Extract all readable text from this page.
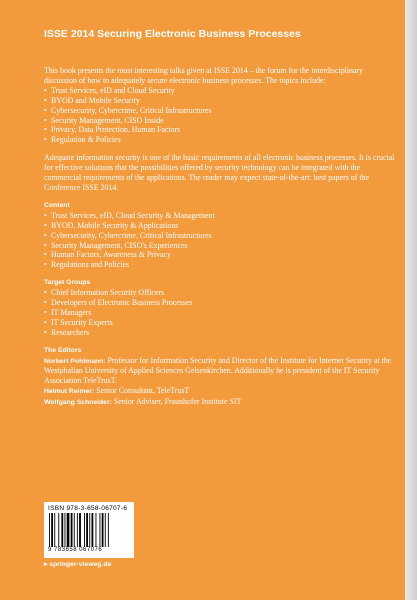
ISSE 2014 Securing Electronic Business Processes

This book presents the most interesting talks given at ISSE 2014 – the forum for the interdisciplinary discussion of how to adequately secure electronic business processes. The topics include:

• Trust Services, eID and Cloud Security
• BYOD and Mobile Security
• Cybersecurity, Cybercrime, Critical Infrastructures
• Security Management, CISO Inside
• Privacy, Data Protection, Human Factors
• Regulation & Policies

Adequate information security is one of the basic requirements of all electronic business processes. It is crucial for effective solutions that the possibilities offered by security technology can be integrated with the commercial requirements of the applications. The reader may expect state-of-the-art: best papers of the Conference ISSE 2014.

Content
• Trust Services, eID, Cloud Security & Management
• BYOD, Mobile Security & Applications
• Cybersecurity, Cybercrime, Critical Infrastructures
• Security Management, CISO's Experiences
• Human Factors, Awareness & Privacy
• Regulations and Policies
Target Groups
• Chief Information Security Officers
• Developers of Electronic Business Processes
• IT Managers
• IT Security Experts
• Researchers
The Editors

Norbert Pohlmann: Professor for Information Security and Director of the Institute for Internet Security at the Westphalian University of Applied Sciences Gelsenkirchen. Additionally he is president of the IT Security Association TeleTrusT.

Helmut Reimer: Senior Consultant, TeleTrusT

Wolfgang Schneider: Senior Adviser, Fraunhofer Institute SIT

ISBN 978-3-658-06707-6
9 783658 067076
▸ springer-vieweg.de
